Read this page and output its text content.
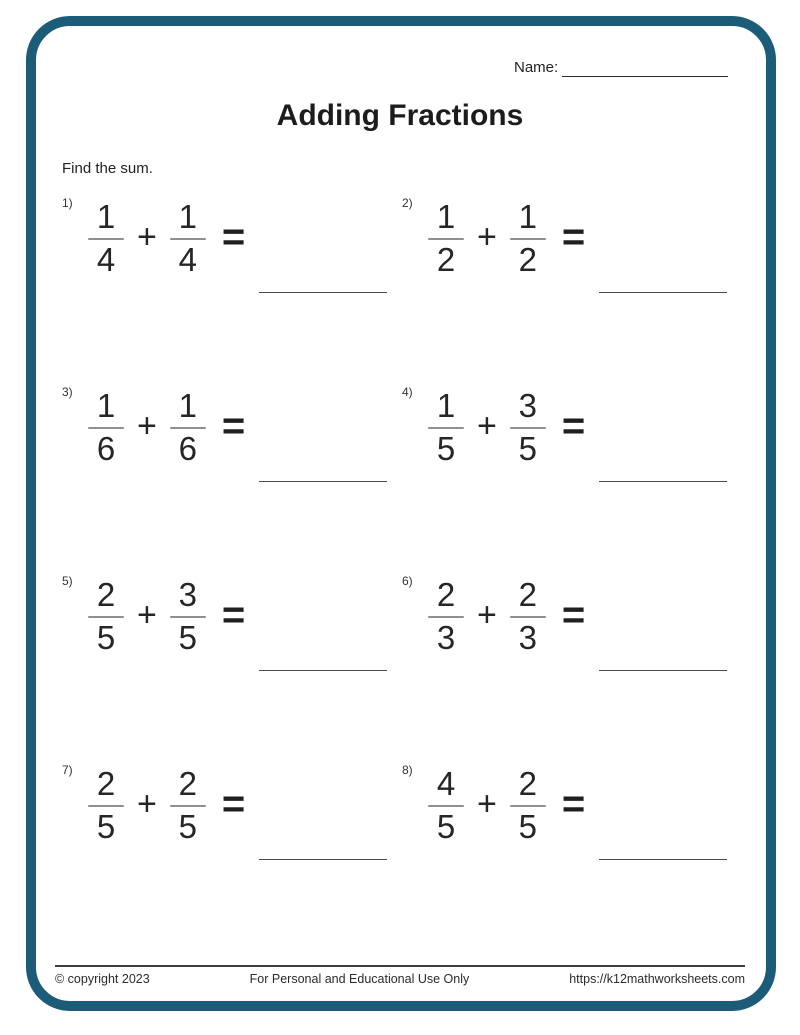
Name:
Adding Fractions
Find the sum.
$1) \frac{1}{4} + \frac{1}{4}$ =
$2) \frac{1}{2} + \frac{1}{2}$ =
$3) \frac{1}{6} + \frac{1}{6}$ =
$4) \frac{1}{5} + \frac{3}{5}$ =
$5) \frac{2}{5} + \frac{3}{5}$ =
$6) \frac{2}{3} + \frac{2}{3}$ =
$7) \frac{2}{5} + \frac{2}{5}$ =
$8) \frac{4}{5} + \frac{2}{5}$ =
© copyright 2023	For Personal and Educational Use Only	https://k12mathworksheets.com
